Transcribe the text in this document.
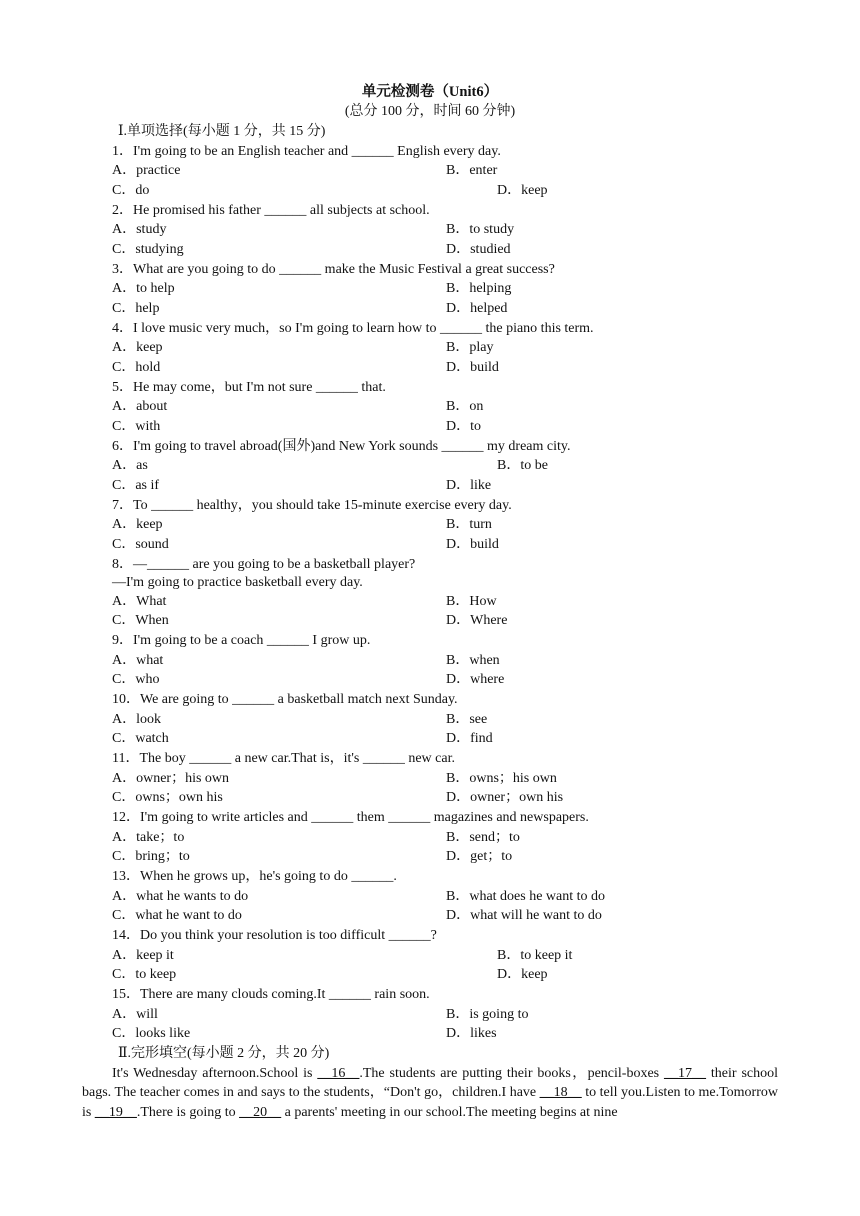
单元检测卷（Unit6）
(总分 100 分，时间 60 分钟)
Ⅰ.单项选择(每小题 1 分，共 15 分)
1．I'm going to be an English teacher and ______ English every day.
A．practice	B．enter
C．do	D．keep
2．He promised his father ______ all subjects at school.
A．study	B．to study
C．studying	D．studied
3．What are you going to do ______ make the Music Festival a great success?
A．to help	B．helping
C．help	D．helped
4．I love music very much，so I'm going to learn how to ______ the piano this term.
A．keep	B．play
C．hold	D．build
5．He may come，but I'm not sure ______ that.
A．about	B．on
C．with	D．to
6．I'm going to travel abroad(国外)and New York sounds ______ my dream city.
A．as	B．to be
C．as if	D．like
7．To ______ healthy，you should take 15-minute exercise every day.
A．keep	B．turn
C．sound	D．build
8．—______ are you going to be a basketball player?
—I'm going to practice basketball every day.
A．What	B．How
C．When	D．Where
9．I'm going to be a coach ______ I grow up.
A．what	B．when
C．who	D．where
10．We are going to ______ a basketball match next Sunday.
A．look	B．see
C．watch	D．find
11．The boy ______ a new car.That is，it's ______ new car.
A．owner；his own	B．owns；his own
C．owns；own his	D．owner；own his
12．I'm going to write articles and ______ them ______ magazines and newspapers.
A．take；to	B．send；to
C．bring；to	D．get；to
13．When he grows up，he's going to do ______.
A．what he wants to do	B．what does he want to do
C．what he want to do	D．what will he want to do
14．Do you think your resolution is too difficult ______?
A．keep it	B．to keep it
C．to keep	D．keep
15．There are many clouds coming.It ______ rain soon.
A．will	B．is going to
C．looks like	D．likes
Ⅱ.完形填空(每小题 2 分，共 20 分)
It's Wednesday afternoon.School is __16__.The students are putting their books，pencil-boxes __17__ their school bags. The teacher comes in and says to the students，“Don't go，children.I have __18__ to tell you.Listen to me.Tomorrow is __19__.There is going to __20__ a parents' meeting in our school.The meeting begins at nine
